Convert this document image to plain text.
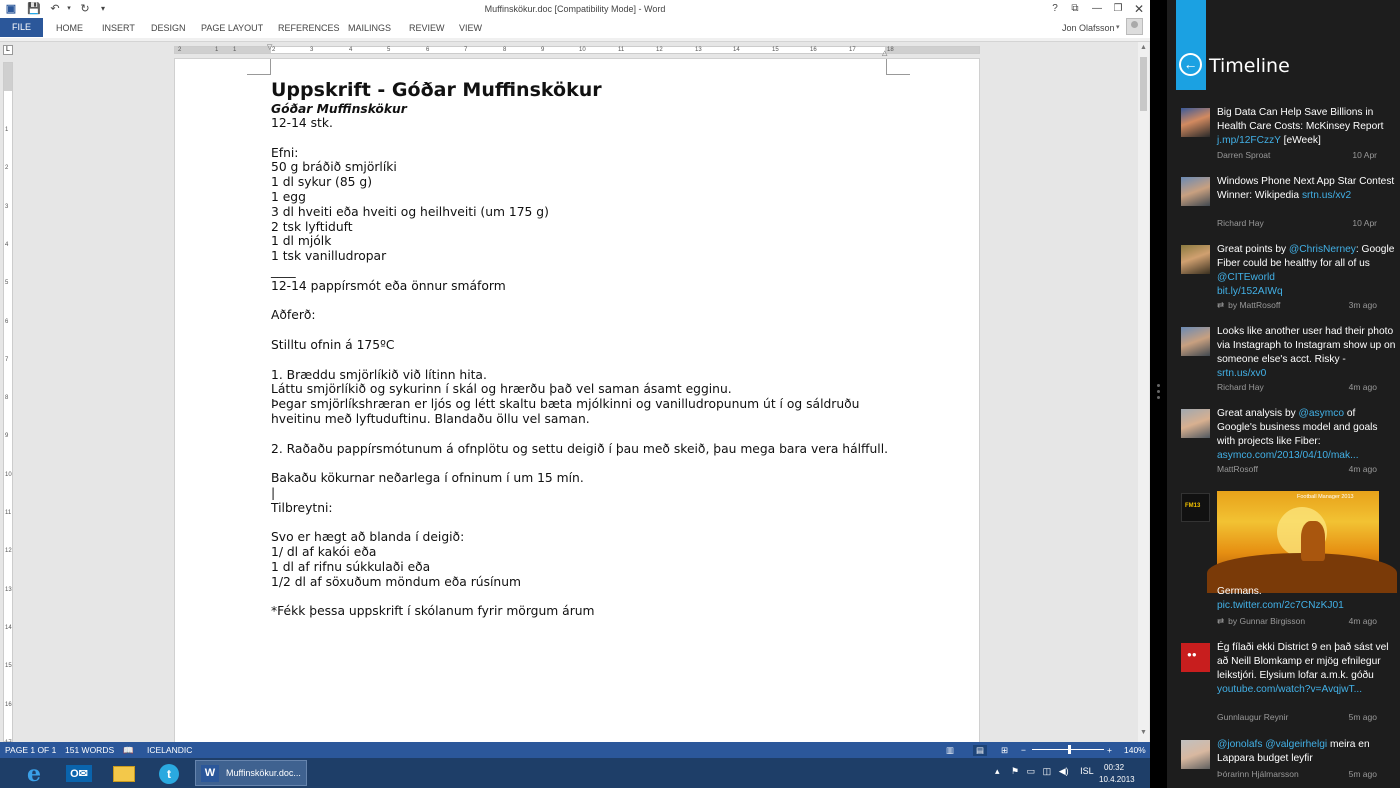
▣ 💾 ↶	▾ ↻	▾	Muffinskökur.doc [Compatibility Mode] - Word	?	⧉	—	❐ ✕
FILE	HOME INSERT DESIGN PAGE LAYOUT REFERENCES MAILINGS REVIEW VIEW	Jon Olafsson ▾
L	▽
△
2	1 1	2	3	4	5	6	7	8	9	10	11	12	13	14	15	16	17	18
1
2
3
4
5
6
7
8
9
10
11
12
13
14
15
16
Uppskrift - Góðar Muffinskökur
Góðar Muffinskökur
12-14 stk.
Efni:
50 g bráðið smjörlíki
1 dl sykur (85 g)
1 egg
3 dl hveiti eða hveiti og heilhveiti (um 175 g)
2 tsk lyftiduft
1 dl mjólk
1 tsk vanilludropar
____
12-14 pappírsmót eða önnur smáform
Aðferð:
Stilltu ofnin á 175ºC
1. Bræddu smjörlíkið við lítinn hita.
Láttu smjörlíkið og sykurinn í skál og hrærðu það vel saman ásamt egginu.
Þegar smjörlíkshræran er ljós og létt skaltu bæta mjólkinni og vanilludropunum út í og sáldruðu hveitinu með lyftuduftinu. Blandaðu öllu vel saman.
2. Raðaðu pappírsmótunum á ofnplötu og settu deigið í þau með skeið, þau mega bara vera hálffull.
Bakaðu kökurnar neðarlega í ofninum í um 15 mín.
|
Tilbreytni:
Svo er hægt að blanda í deigið:
1/ dl af kakói eða
1 dl af rifnu súkkulaði eða
1/2 dl af söxuðum möndum eða rúsínum
*Fékk þessa uppskrift í skólanum fyrir mörgum árum
▲
▼
PAGE 1 OF 1 151 WORDS 📖 ICELANDIC	▥	▤	⊞ −	+ 140%
e	O✉	t	W	Muffinskökur.doc...	▴ ⚑ ▭ ◫ ◀) ISL 00:32
10.4.2013
← Timeline
Big Data Can Help Save Billions in Health Care Costs: McKinsey Report j.mp/12FCzzY [eWeek]
Darren Sproat	10 Apr
Windows Phone Next App Star Contest Winner: Wikipedia srtn.us/xv2
Richard Hay	10 Apr
Great points by @ChrisNerney: Google Fiber could be healthy for all of us @CITEworld
bit.ly/152AIWq
⇄ by MattRosoff	3m ago
Looks like another user had their photo via Instagraph to Instagram show up on someone else's acct. Risky - srtn.us/xv0
Richard Hay	4m ago
Great analysis by @asymco of Google's business model and goals with projects like Fiber: asymco.com/2013/04/10/mak...
MattRosoff	4m ago
FM13
Football Manager 2013
Germans.
pic.twitter.com/2c7CNzKJ01
⇄ by Gunnar Birgisson	4m ago
●●
Ég fílaði ekki District 9 en það sást vel að Neill Blomkamp er mjög efnilegur leikstjóri. Elysium lofar a.m.k. góðu youtube.com/watch?v=AvqjwT...
Gunnlaugur Reynir	5m ago
@jonolafs @valgeirhelgi meira en Lappara budget leyfir
Þórarinn Hjálmarsson	5m ago
